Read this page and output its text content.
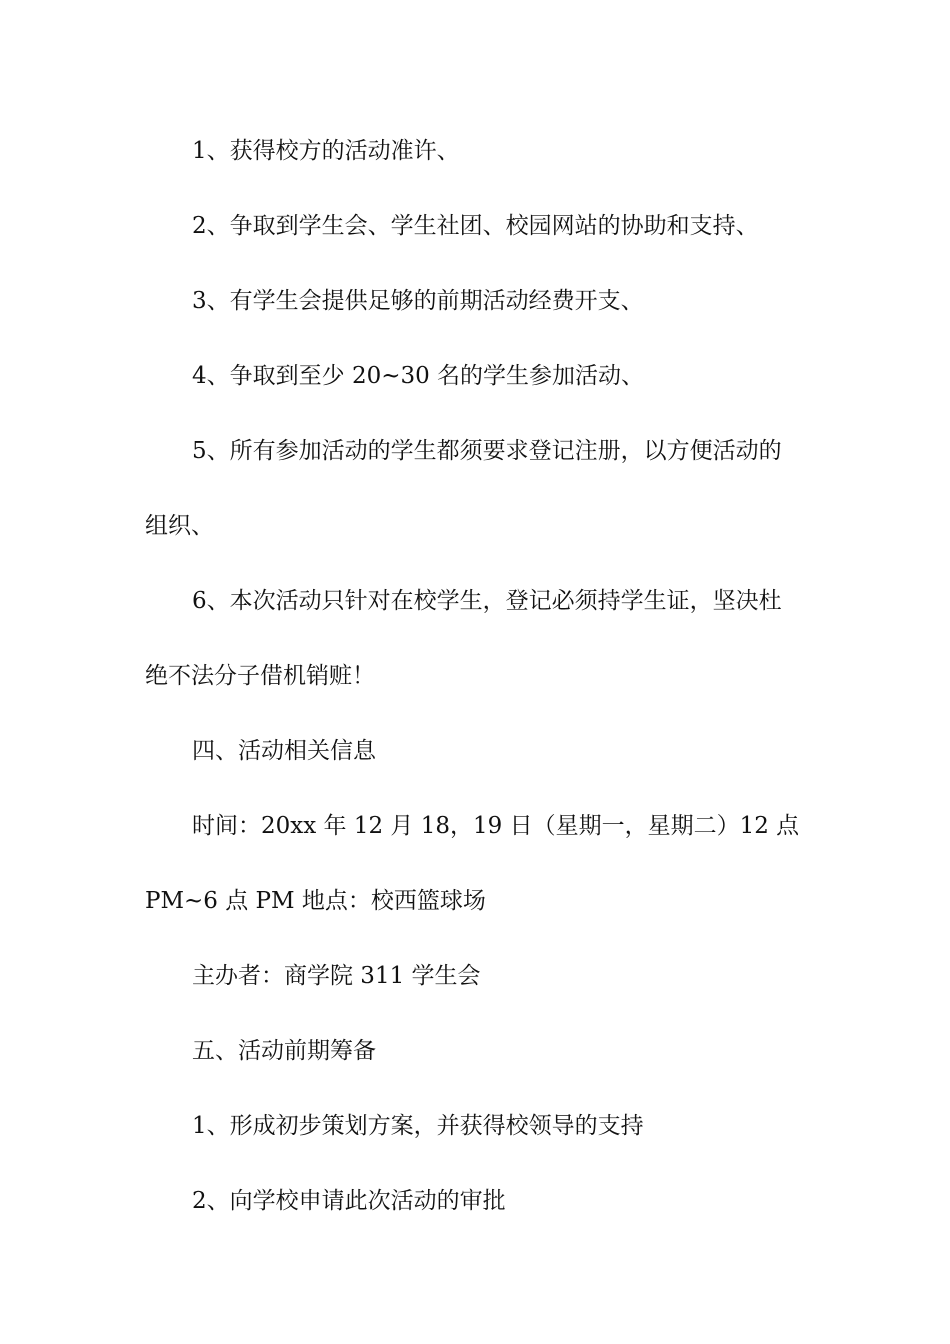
1、获得校方的活动准许、
2、争取到学生会、学生社团、校园网站的协助和支持、
3、有学生会提供足够的前期活动经费开支、
4、争取到至少 20~30 名的学生参加活动、
5、所有参加活动的学生都须要求登记注册，以方便活动的
组织、
6、本次活动只针对在校学生，登记必须持学生证，坚决杜
绝不法分子借机销赃！
四、活动相关信息
时间：20xx 年 12 月 18，19 日（星期一，星期二）12 点
PM~6 点 PM 地点：校西篮球场
主办者：商学院 311 学生会
五、活动前期筹备
1、形成初步策划方案，并获得校领导的支持
2、向学校申请此次活动的审批
